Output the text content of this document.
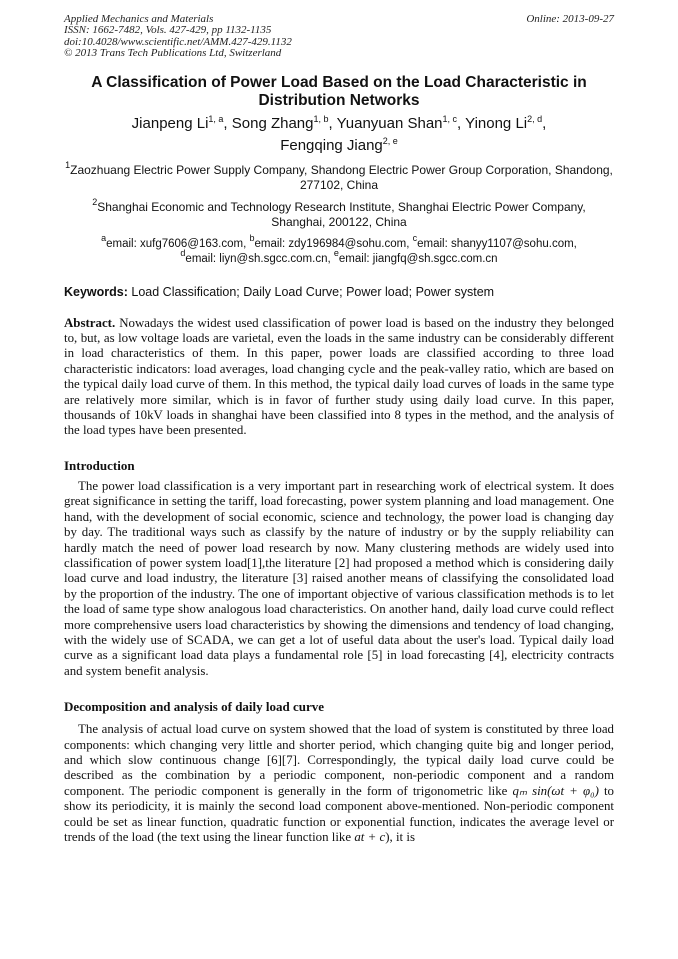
Applied Mechanics and Materials
ISSN: 1662-7482, Vols. 427-429, pp 1132-1135
doi:10.4028/www.scientific.net/AMM.427-429.1132
© 2013 Trans Tech Publications Ltd, Switzerland
Online: 2013-09-27
A Classification of Power Load Based on the Load Characteristic in Distribution Networks
Jianpeng Li$^{1, a}$, Song Zhang$^{1, b}$, Yuanyuan Shan$^{1, c}$, Yinong Li$^{2, d}$,
Fengqing Jiang$^{2, e}$
$^1$Zaozhuang Electric Power Supply Company, Shandong Electric Power Group Corporation, Shandong, 277102, China
$^2$Shanghai Economic and Technology Research Institute, Shanghai Electric Power Company, Shanghai, 200122, China
$^a$email: xufg7606@163.com, $^b$email: zdy196984@sohu.com, $^c$email: shanyy1107@sohu.com,
$^d$email: liyn@sh.sgcc.com.cn, $^e$email: jiangfq@sh.sgcc.com.cn
Keywords: Load Classification; Daily Load Curve; Power load; Power system

Abstract. Nowadays the widest used classification of power load is based on the industry they belonged to, but, as low voltage loads are varietal, even the loads in the same industry can be considerably different in load characteristics of them. In this paper, power loads are classified according to three load characteristic indicators: load averages, load changing cycle and the peak-valley ratio, which are based on the typical daily load curve of them. In this method, the typical daily load curves of loads in the same type are relatively more similar, which is in favor of further study using daily load curve. In this paper, thousands of 10kV loads in shanghai have been classified into 8 types in the method, and the analysis of the load types have been presented.

Introduction

The power load classification is a very important part in researching work of electrical system. It does great significance in setting the tariff, load forecasting, power system planning and load management. One hand, with the development of social economic, science and technology, the power load is changing day by day. The traditional ways such as classify by the nature of industry or by the supply reliability can hardly match the need of power load research by now. Many clustering methods are widely used into classification of power system load[1],the literature [2] had proposed a method which is considering daily load curve and load industry, the literature [3] raised another means of classifying the consolidated load by the proportion of the industry. The one of important objective of various classification methods is to let the load of same type show analogous load characteristics. On another hand, daily load curve could reflect more comprehensive users load characteristics by showing the dimensions and tendency of load changing, with the widely use of SCADA, we can get a lot of useful data about the user's load. Typical daily load curve as a significant load data plays a fundamental role [5] in load forecasting [4], electricity contracts and system benefit analysis.

Decomposition and analysis of daily load curve

The analysis of actual load curve on system showed that the load of system is constituted by three load components: which changing very little and shorter period, which changing quite big and longer period, and which slow continuous change [6][7]. Correspondingly, the typical daily load curve could be described as the combination by a periodic component, non-periodic component and a random component. The periodic component is generally in the form of trigonometric like qₘ sin(ωt + φ₀) to show its periodicity, it is mainly the second load component above-mentioned. Non-periodic component could be set as linear function, quadratic function or exponential function, indicates the average level or trends of the load (the text using the linear function like at + c), it is
